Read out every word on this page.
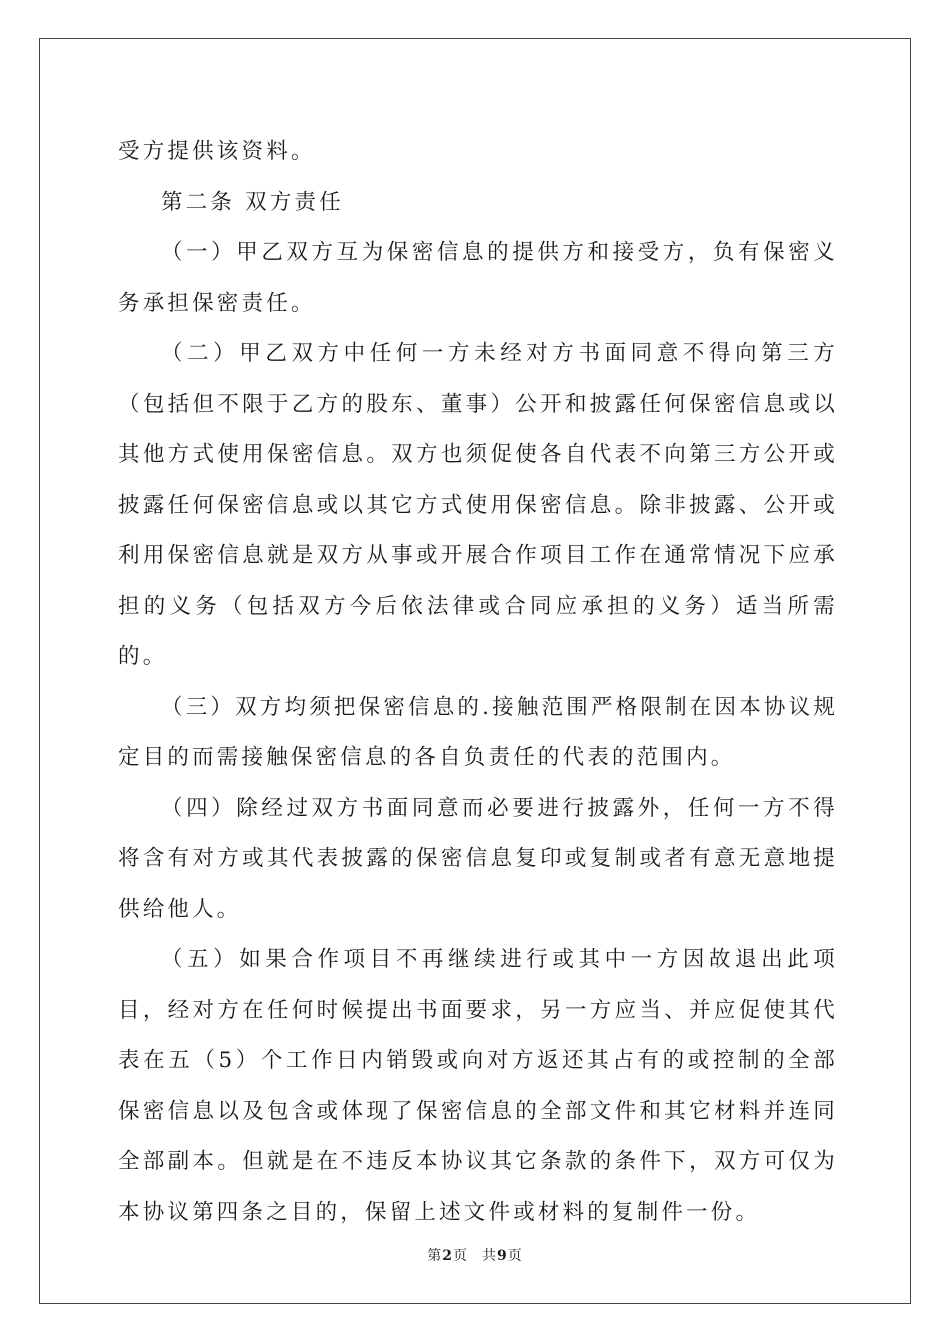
受方提供该资料。

第二条 双方责任

（一）甲乙双方互为保密信息的提供方和接受方，负有保密义务承担保密责任。

（二）甲乙双方中任何一方未经对方书面同意不得向第三方（包括但不限于乙方的股东、董事）公开和披露任何保密信息或以其他方式使用保密信息。双方也须促使各自代表不向第三方公开或披露任何保密信息或以其它方式使用保密信息。除非披露、公开或利用保密信息就是双方从事或开展合作项目工作在通常情况下应承担的义务（包括双方今后依法律或合同应承担的义务）适当所需的。

（三）双方均须把保密信息的.接触范围严格限制在因本协议规定目的而需接触保密信息的各自负责任的代表的范围内。

（四）除经过双方书面同意而必要进行披露外，任何一方不得将含有对方或其代表披露的保密信息复印或复制或者有意无意地提供给他人。

（五）如果合作项目不再继续进行或其中一方因故退出此项目，经对方在任何时候提出书面要求，另一方应当、并应促使其代表在五（5）个工作日内销毁或向对方返还其占有的或控制的全部保密信息以及包含或体现了保密信息的全部文件和其它材料并连同全部副本。但就是在不违反本协议其它条款的条件下，双方可仅为本协议第四条之目的，保留上述文件或材料的复制件一份。

第2页 共9页
